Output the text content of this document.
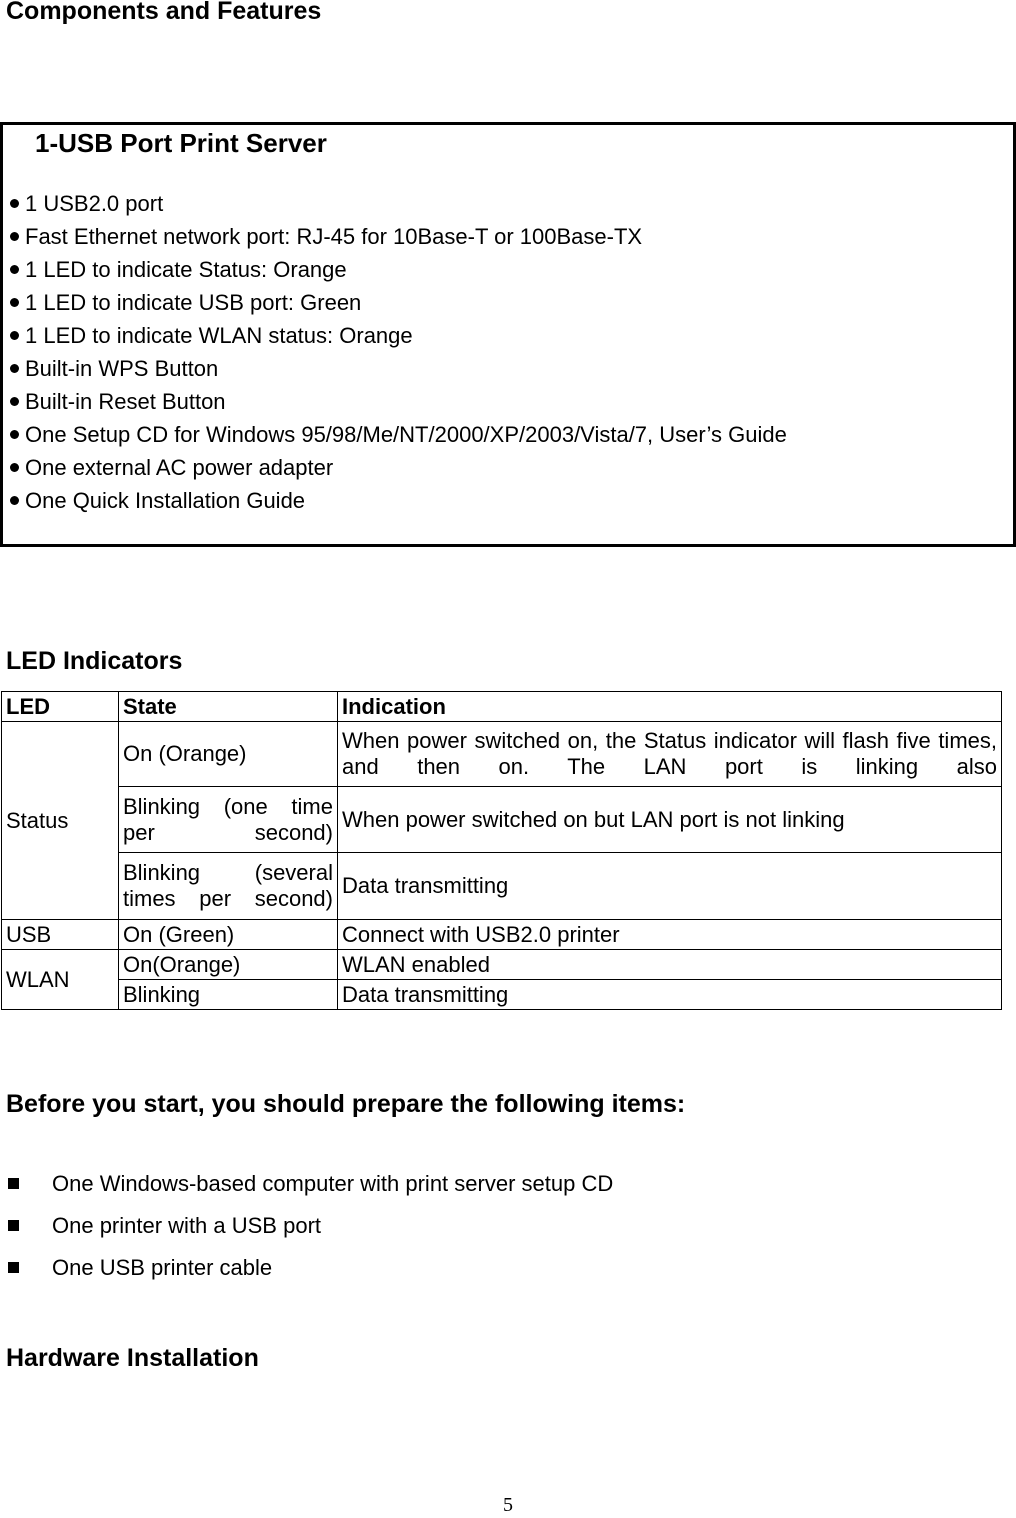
Components and Features
1-USB Port Print Server
1 USB2.0 port
Fast Ethernet network port: RJ-45 for 10Base-T or 100Base-TX
1 LED to indicate Status: Orange
1 LED to indicate USB port: Green
1 LED to indicate WLAN status: Orange
Built-in WPS Button
Built-in Reset Button
One Setup CD for Windows 95/98/Me/NT/2000/XP/2003/Vista/7, User’s Guide
One external AC power adapter
One Quick Installation Guide
LED Indicators
LED	State	Indication
Status	On (Orange)	When power switched on, the Status indicator will flash five times, and then on. The LAN port is linking also
	Blinking (one time per second)	When power switched on but LAN port is not linking
	Blinking (several times per second)	Data transmitting
USB	On (Green)	Connect with USB2.0 printer
WLAN	On(Orange)	WLAN enabled
	Blinking	Data transmitting
Before you start, you should prepare the following items:
One Windows-based computer with print server setup CD
One printer with a USB port
One USB printer cable
Hardware Installation
5
